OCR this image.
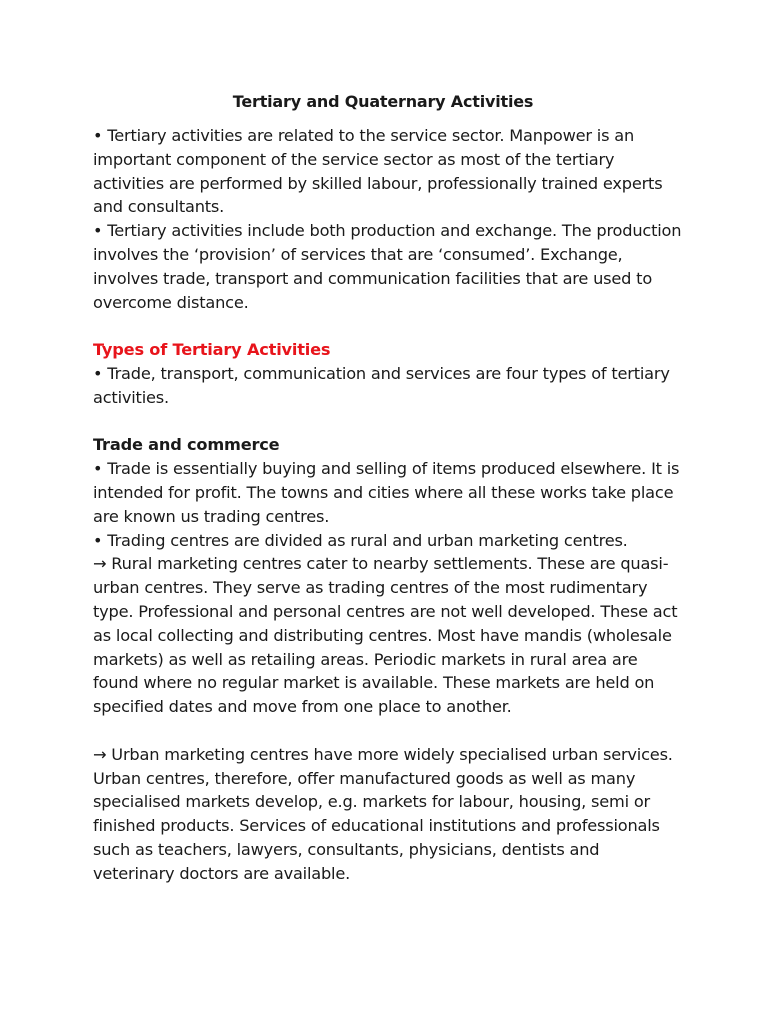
Tertiary and Quaternary Activities

• Tertiary activities are related to the service sector. Manpower is an important component of the service sector as most of the tertiary activities are performed by skilled labour, professionally trained experts and consultants.

• Tertiary activities include both production and exchange. The production involves the ‘provision’ of services that are ‘consumed’. Exchange, involves trade, transport and communication facilities that are used to overcome distance.

Types of Tertiary Activities

• Trade, transport, communication and services are four types of tertiary activities.

Trade and commerce

• Trade is essentially buying and selling of items produced elsewhere. It is intended for profit. The towns and cities where all these works take place are known us trading centres.

• Trading centres are divided as rural and urban marketing centres.

→ Rural marketing centres cater to nearby settlements. These are quasi-urban centres. They serve as trading centres of the most rudimentary type. Professional and personal centres are not well developed. These act as local collecting and distributing centres. Most have mandis (wholesale markets) as well as retailing areas. Periodic markets in rural area are found where no regular market is available. These markets are held on specified dates and move from one place to another.

→ Urban marketing centres have more widely specialised urban services. Urban centres, therefore, offer manufactured goods as well as many specialised markets develop, e.g. markets for labour, housing, semi or finished products. Services of educational institutions and professionals such as teachers, lawyers, consultants, physicians, dentists and veterinary doctors are available.
